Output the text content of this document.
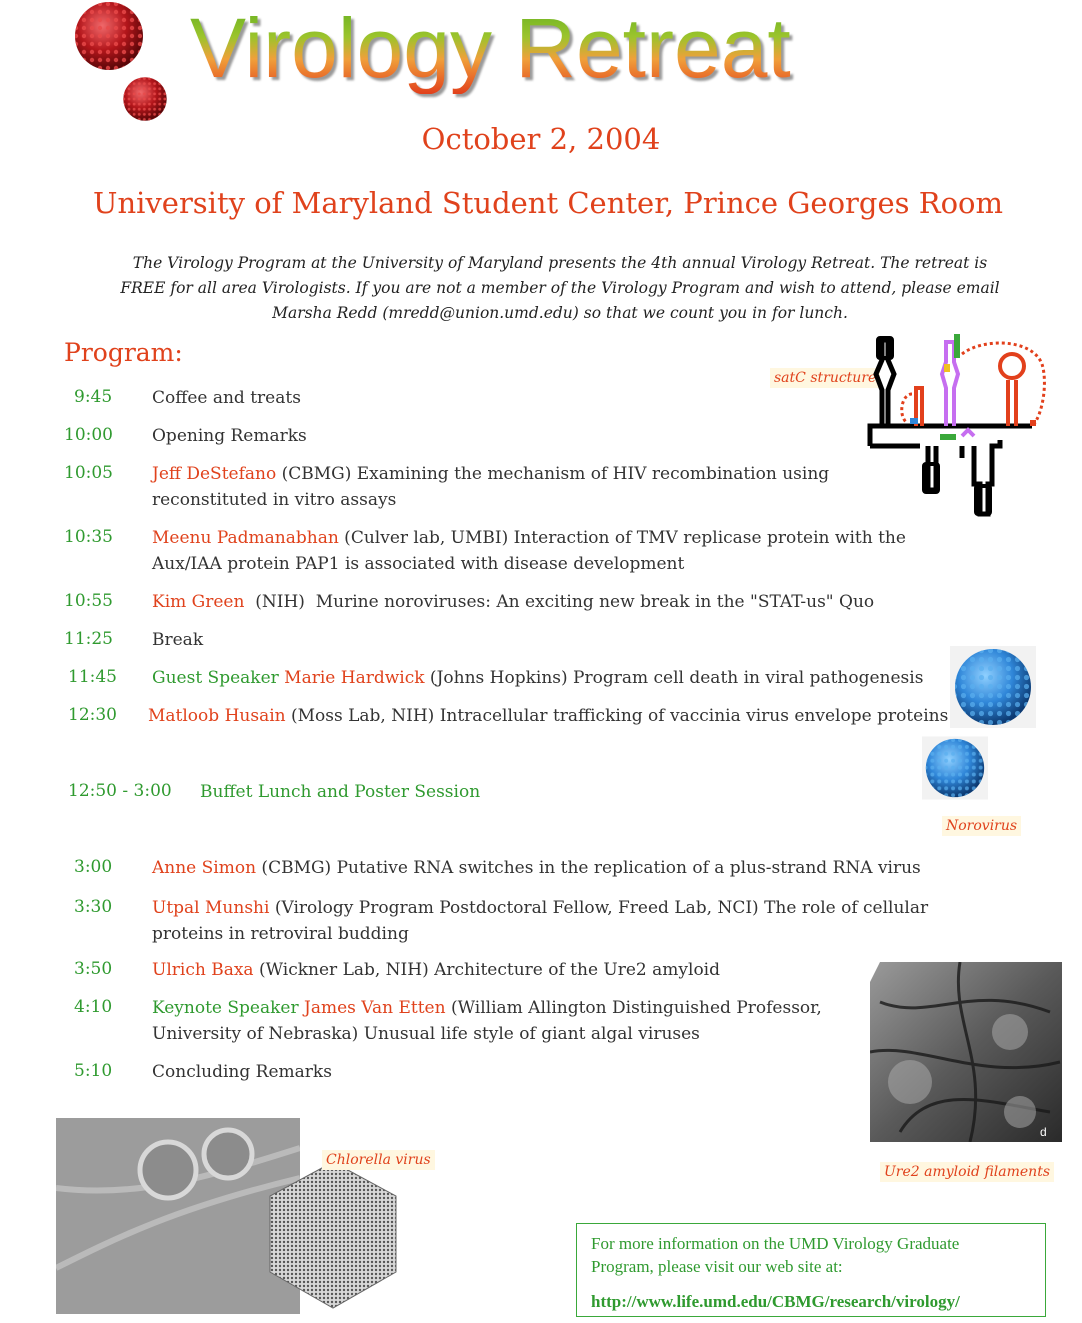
Virology Retreat
October 2, 2004
University of Maryland Student Center, Prince Georges Room
The Virology Program at the University of Maryland presents the 4th annual Virology Retreat. The retreat is
FREE for all area Virologists. If you are not a member of the Virology Program and wish to attend, please email
Marsha Redd (mredd@union.umd.edu) so that we count you in for lunch.
Program:
9:45 Coffee and treats
10:00 Opening Remarks
10:05 Jeff DeStefano (CBMG) Examining the mechanism of HIV recombination using
reconstituted in vitro assays
10:35 Meenu Padmanabhan (Culver lab, UMBI) Interaction of TMV replicase protein with the
Aux/IAA protein PAP1 is associated with disease development
10:55 Kim Green  (NIH)  Murine noroviruses: An exciting new break in the "STAT-us" Quo
11:25 Break
11:45 Guest Speaker Marie Hardwick (Johns Hopkins) Program cell death in viral pathogenesis
12:30 Matloob Husain (Moss Lab, NIH) Intracellular trafficking of vaccinia virus envelope proteins
12:50 - 3:00 Buffet Lunch and Poster Session
3:00 Anne Simon (CBMG) Putative RNA switches in the replication of a plus-strand RNA virus
3:30 Utpal Munshi (Virology Program Postdoctoral Fellow, Freed Lab, NCI) The role of cellular
proteins in retroviral budding
3:50 Ulrich Baxa (Wickner Lab, NIH) Architecture of the Ure2 amyloid
4:10 Keynote Speaker James Van Etten (William Allington Distinguished Professor,
University of Nebraska) Unusual life style of giant algal viruses
5:10 Concluding Remarks
satC structure
Norovirus
d
Ure2 amyloid filaments
Chlorella virus

For more information on the UMD Virology Graduate
Program, please visit our web site at:

http://www.life.umd.edu/CBMG/research/virology/
